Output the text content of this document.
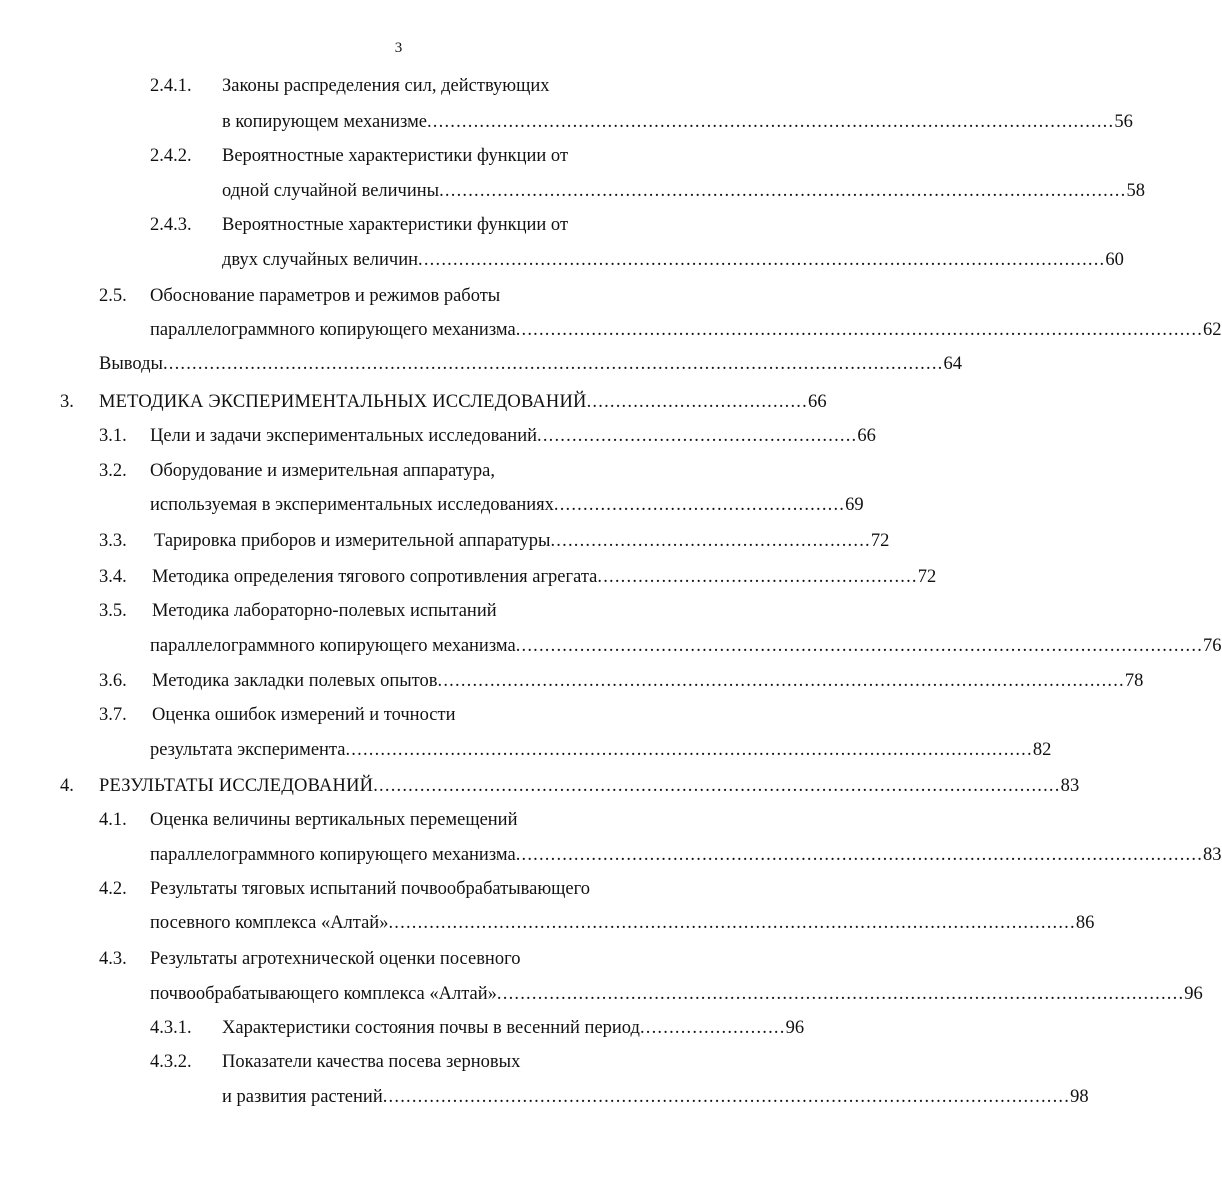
3
2.4.1. Законы распределения сил, действующих
в копирующем механизме ...................................................................................................................... 56
2.4.2. Вероятностные характеристики функции от
одной случайной величины ...................................................................................................................... 58
2.4.3. Вероятностные характеристики функции от
двух случайных величин ...................................................................................................................... 60
2.5. Обоснование параметров и режимов работы
параллелограммного копирующего механизма ...................................................................................................................... 62
Выводы ...................................................................................................................................... 64
3. МЕТОДИКА ЭКСПЕРИМЕНТАЛЬНЫХ ИССЛЕДОВАНИЙ ...................................... 66
3.1. Цели и задачи экспериментальных исследований ....................................................... 66
3.2. Оборудование и измерительная аппаратура,
используемая в экспериментальных исследованиях .................................................. 69
3.3. Тарировка приборов и измерительной аппаратуры ....................................................... 72
3.4. Методика определения тягового сопротивления агрегата ....................................................... 72
3.5. Методика лабораторно-полевых испытаний
параллелограммного копирующего механизма ...................................................................................................................... 76
3.6. Методика закладки полевых опытов ...................................................................................................................... 78
3.7. Оценка ошибок измерений и точности
результата эксперимента ...................................................................................................................... 82
4. РЕЗУЛЬТАТЫ ИССЛЕДОВАНИЙ ...................................................................................................................... 83
4.1. Оценка величины вертикальных перемещений
параллелограммного копирующего механизма ...................................................................................................................... 83
4.2. Результаты тяговых испытаний почвообрабатывающего
посевного комплекса «Алтай» ...................................................................................................................... 86
4.3. Результаты агротехнической оценки посевного
почвообрабатывающего комплекса «Алтай» ...................................................................................................................... 96
4.3.1. Характеристики состояния почвы в весенний период ......................... 96
4.3.2. Показатели качества посева зерновых
и развития растений ...................................................................................................................... 98
